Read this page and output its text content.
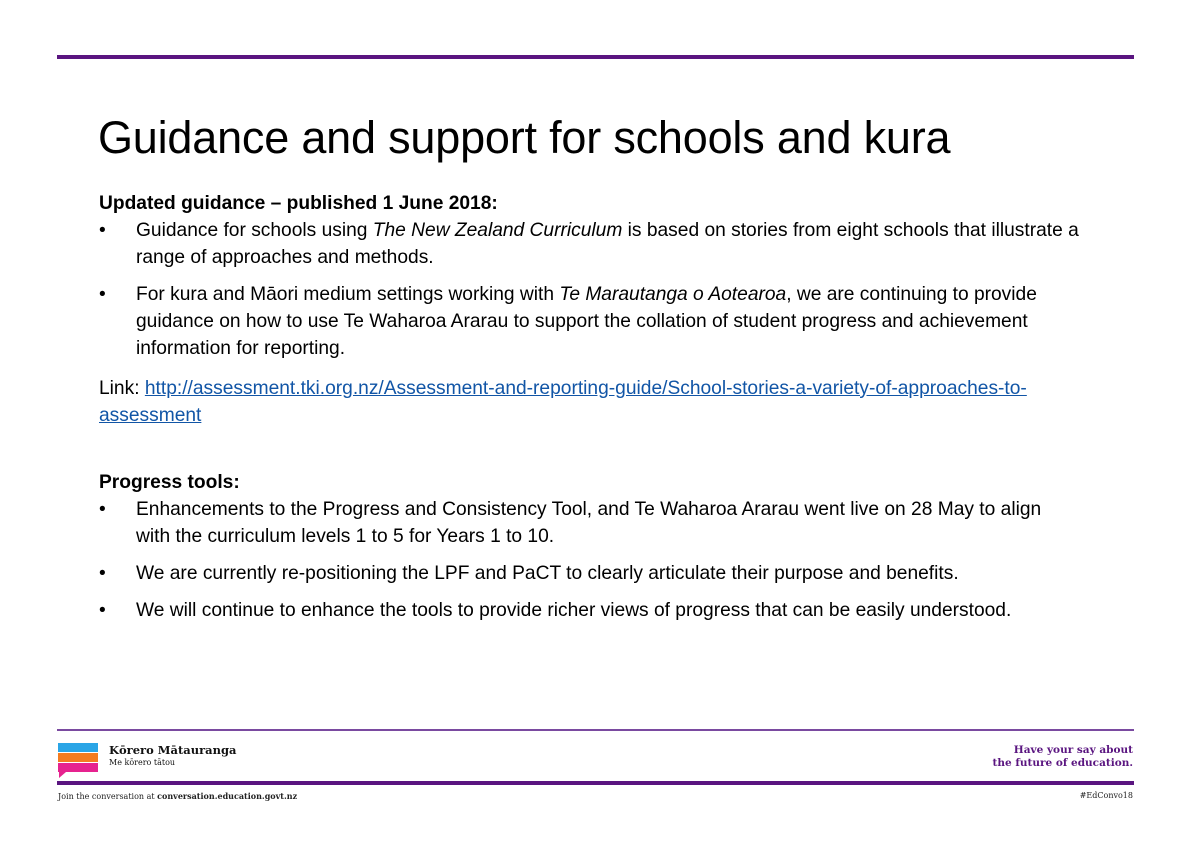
Guidance and support for schools and kura
Updated guidance – published 1 June 2018:

• Guidance for schools using The New Zealand Curriculum is based on stories from eight schools that illustrate a range of approaches and methods.

• For kura and Māori medium settings working with Te Marautanga o Aotearoa, we are continuing to provide guidance on how to use Te Waharoa Ararau to support the collation of student progress and achievement information for reporting.

Link: http://assessment.tki.org.nz/Assessment-and-reporting-guide/School-stories-a-variety-of-approaches-to-assessment
Progress tools:

• Enhancements to the Progress and Consistency Tool, and Te Waharoa Ararau went live on 28 May to align with the curriculum levels 1 to 5 for Years 1 to 10.

• We are currently re-positioning the LPF and PaCT to clearly articulate their purpose and benefits.

• We will continue to enhance the tools to provide richer views of progress that can be easily understood.

Kōrero Mātauranga
Me kōrero tātou
Have your say about
the future of education.
Join the conversation at conversation.education.govt.nz	#EdConvo18
